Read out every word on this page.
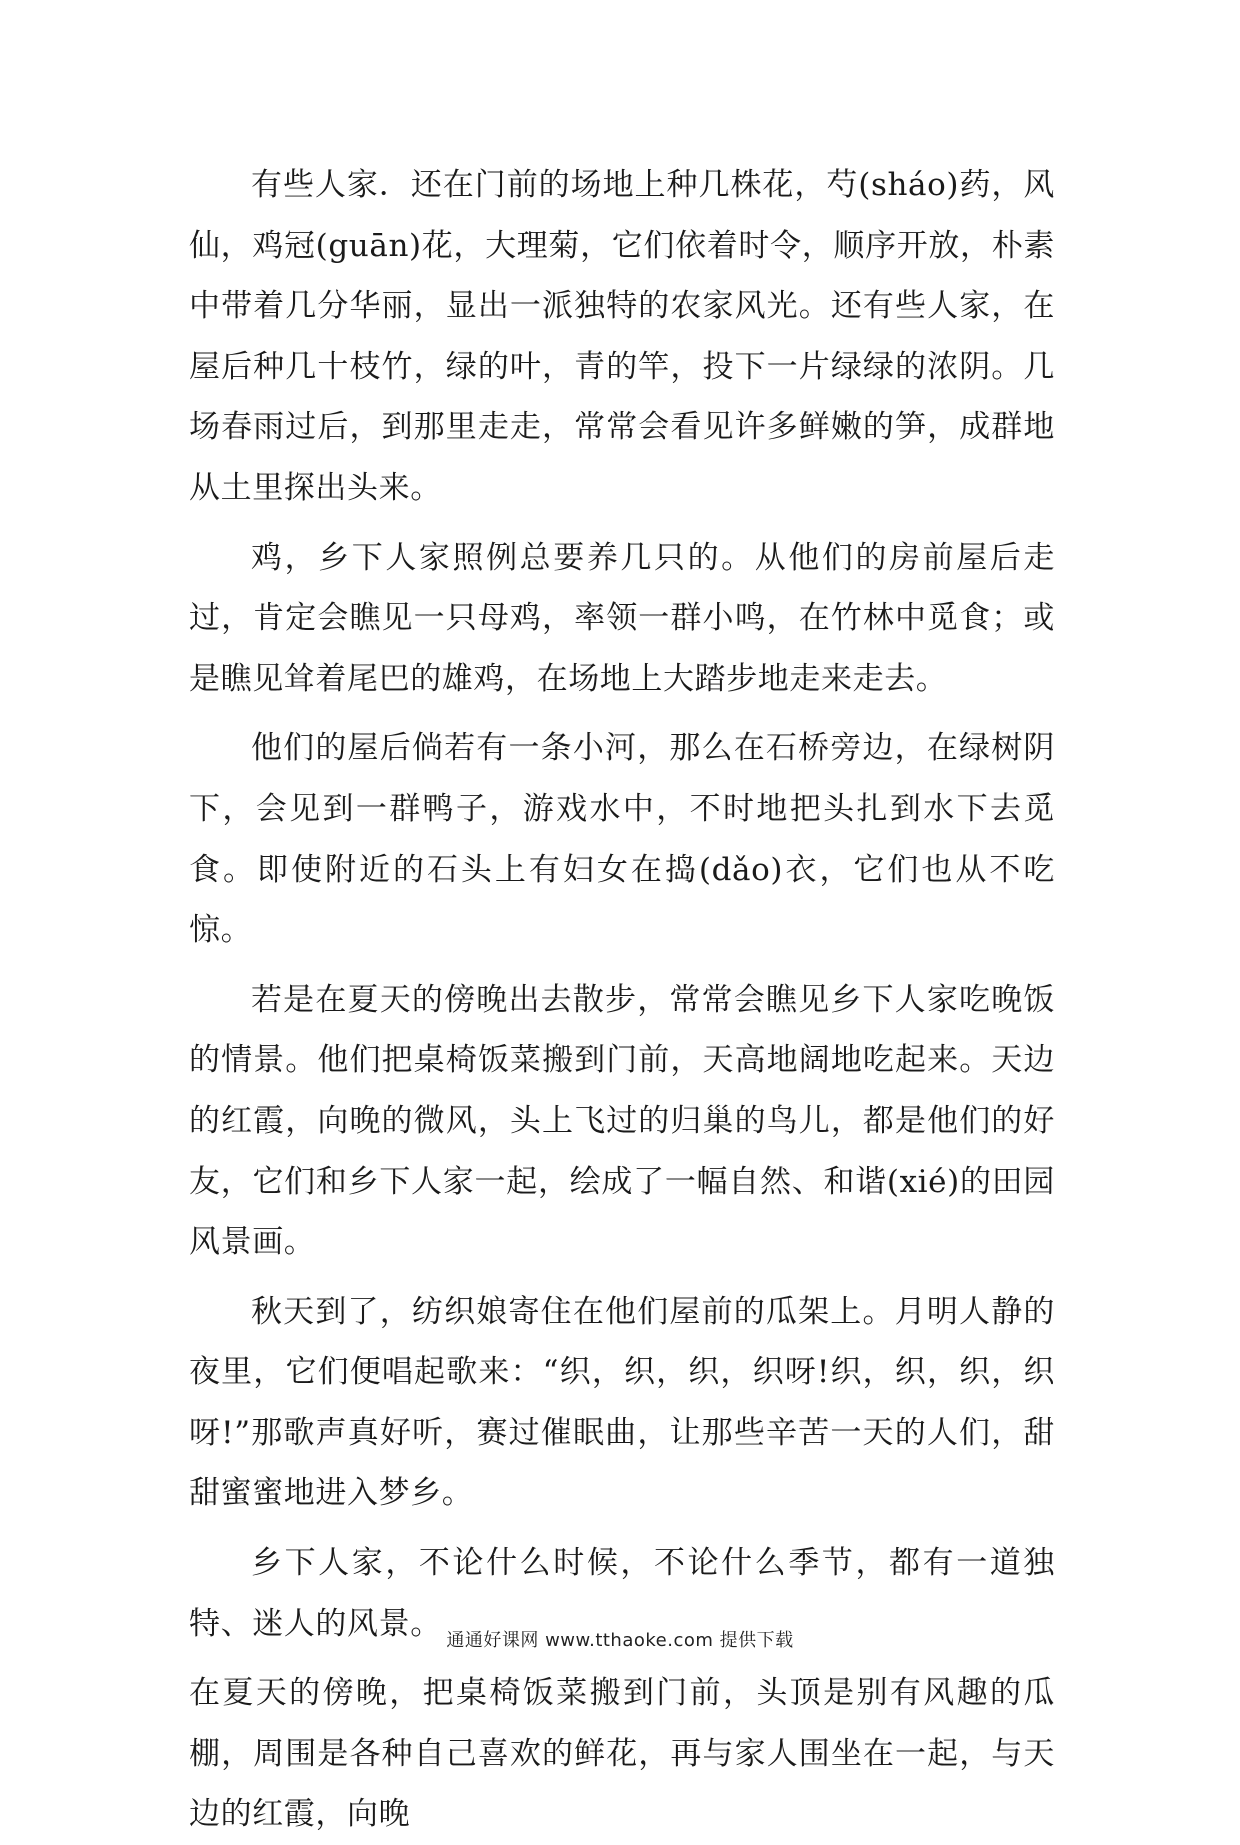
有些人家．还在门前的场地上种几株花，芍(sháo)药，风仙，鸡冠(guān)花，大理菊，它们依着时令，顺序开放，朴素中带着几分华丽，显出一派独特的农家风光。还有些人家，在屋后种几十枝竹，绿的叶，青的竿，投下一片绿绿的浓阴。几场春雨过后，到那里走走，常常会看见许多鲜嫩的笋，成群地从土里探出头来。

鸡，乡下人家照例总要养几只的。从他们的房前屋后走过，肯定会瞧见一只母鸡，率领一群小鸣，在竹林中觅食；或是瞧见耸着尾巴的雄鸡，在场地上大踏步地走来走去。

他们的屋后倘若有一条小河，那么在石桥旁边，在绿树阴下，会见到一群鸭子，游戏水中，不时地把头扎到水下去觅食。即使附近的石头上有妇女在捣(dǎo)衣，它们也从不吃惊。

若是在夏天的傍晚出去散步，常常会瞧见乡下人家吃晚饭的情景。他们把桌椅饭菜搬到门前，天高地阔地吃起来。天边的红霞，向晚的微风，头上飞过的归巢的鸟儿，都是他们的好友，它们和乡下人家一起，绘成了一幅自然、和谐(xié)的田园风景画。

秋天到了，纺织娘寄住在他们屋前的瓜架上。月明人静的夜里，它们便唱起歌来：“织，织，织，织呀!织，织，织，织呀!”那歌声真好听，赛过催眠曲，让那些辛苦一天的人们，甜甜蜜蜜地进入梦乡。

乡下人家，不论什么时候，不论什么季节，都有一道独特、迷人的风景。

在夏天的傍晚，把桌椅饭菜搬到门前，头顶是别有风趣的瓜棚，周围是各种自己喜欢的鲜花，再与家人围坐在一起，与天边的红霞，向晚

通通好课网 www.tthaoke.com 提供下载
